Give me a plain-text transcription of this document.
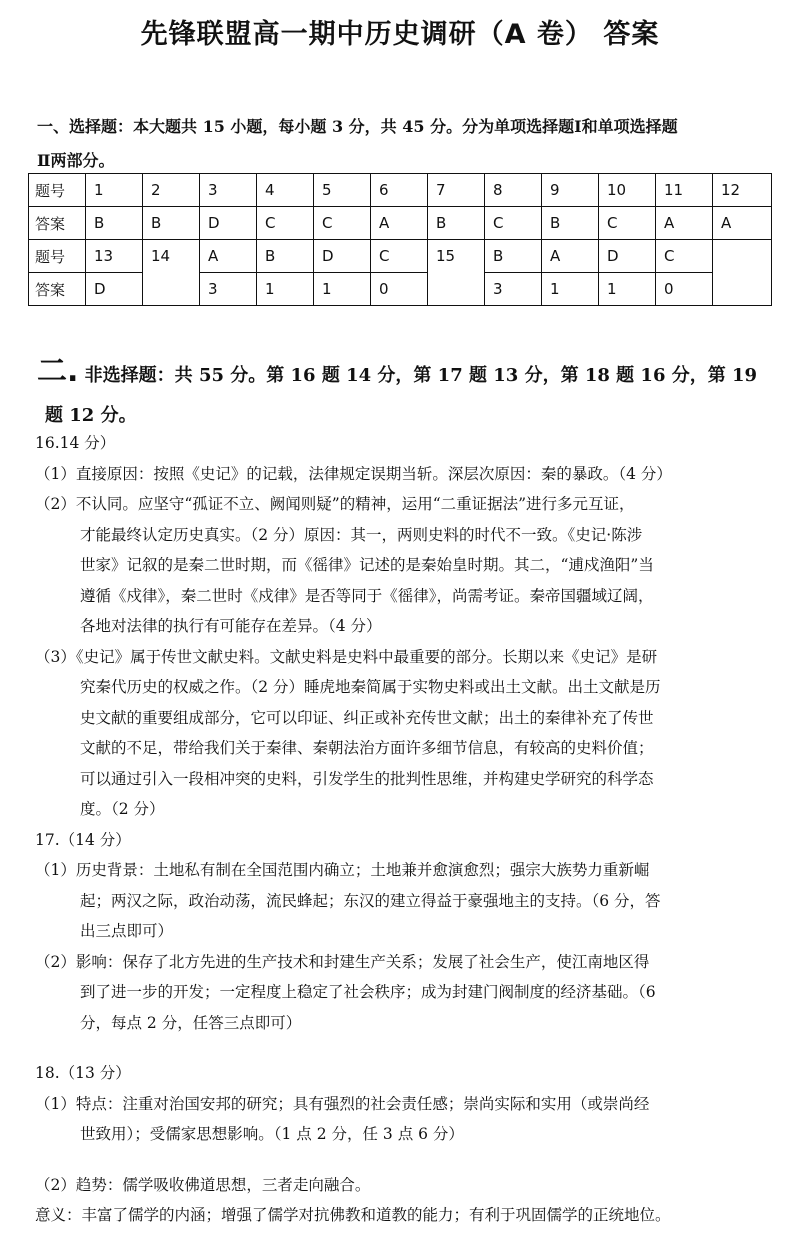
先锋联盟高一期中历史调研（A 卷） 答案
一、选择题：本大题共 15 小题，每小题 3 分，共 45 分。分为单项选择题Ⅰ和单项选择题
Ⅱ两部分。
题号	1	2	3	4	5	6	7	8	9	10	11	12
答案	B	B	D	C	C	A	B	C	B	C	A	A
题号	13	14	A	B	D	C	15	B	A	D	C	
答案	D		3	1	1	0		3	1	1	0	
二. 非选择题：共 55 分。第 16 题 14 分，第 17 题 13 分，第 18 题 16 分，第 19
题 12 分。
16.14 分）
（1）直接原因：按照《史记》的记载，法律规定误期当斩。深层次原因：秦的暴政。（4 分）
（2）不认同。应坚守“孤证不立、阙闻则疑”的精神，运用“二重证据法”进行多元互证，
才能最终认定历史真实。（2 分）原因：其一，两则史料的时代不一致。《史记·陈涉
世家》记叙的是秦二世时期，而《徭律》记述的是秦始皇时期。其二，“逋戍渔阳”当
遵循《戍律》，秦二世时《戍律》是否等同于《徭律》，尚需考证。秦帝国疆域辽阔，
各地对法律的执行有可能存在差异。（4 分）
（3）《史记》属于传世文献史料。文献史料是史料中最重要的部分。长期以来《史记》是研
究秦代历史的权威之作。（2 分）睡虎地秦简属于实物史料或出土文献。出土文献是历
史文献的重要组成部分，它可以印证、纠正或补充传世文献；出土的秦律补充了传世
文献的不足，带给我们关于秦律、秦朝法治方面许多细节信息，有较高的史料价值；
可以通过引入一段相冲突的史料，引发学生的批判性思维，并构建史学研究的科学态
度。（2 分）
17.（14 分）
（1）历史背景：土地私有制在全国范围内确立；土地兼并愈演愈烈；强宗大族势力重新崛
起；两汉之际，政治动荡，流民蜂起；东汉的建立得益于豪强地主的支持。（6 分，答
出三点即可）
（2）影响：保存了北方先进的生产技术和封建生产关系；发展了社会生产，使江南地区得
到了进一步的开发；一定程度上稳定了社会秩序；成为封建门阀制度的经济基础。（6
分，每点 2 分，任答三点即可）
18.（13 分）
（1）特点：注重对治国安邦的研究；具有强烈的社会责任感；崇尚实际和实用（或崇尚经
世致用）；受儒家思想影响。（1 点 2 分，任 3 点 6 分）
（2）趋势：儒学吸收佛道思想，三者走向融合。
意义：丰富了儒学的内涵；增强了儒学对抗佛教和道教的能力；有利于巩固儒学的正统地位。
